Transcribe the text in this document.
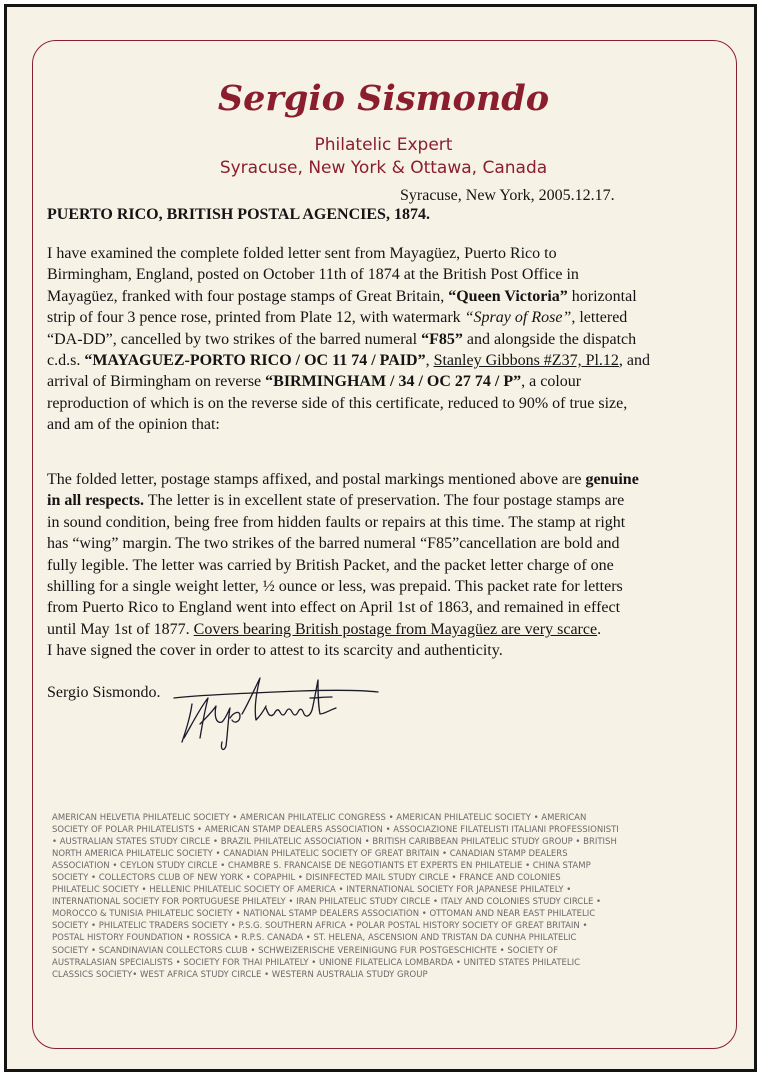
Sergio Sismondo

Philatelic Expert

Syracuse, New York & Ottawa, Canada

Syracuse, New York, 2005.12.17.
PUERTO RICO, BRITISH POSTAL AGENCIES, 1874.
I have examined the complete folded letter sent from Mayagüez, Puerto Rico to
Birmingham, England, posted on October 11th of 1874 at the British Post Office in
Mayagüez, franked with four postage stamps of Great Britain, “Queen Victoria” horizontal
strip of four 3 pence rose, printed from Plate 12, with watermark “Spray of Rose”, lettered
“DA-DD”, cancelled by two strikes of the barred numeral “F85” and alongside the dispatch
c.d.s. “MAYAGUEZ-PORTO RICO / OC 11 74 / PAID”, Stanley Gibbons #Z37, Pl.12, and
arrival of Birmingham on reverse “BIRMINGHAM / 34 / OC 27 74 / P”, a colour
reproduction of which is on the reverse side of this certificate, reduced to 90% of true size,
and am of the opinion that:
The folded letter, postage stamps affixed, and postal markings mentioned above are genuine
in all respects. The letter is in excellent state of preservation. The four postage stamps are
in sound condition, being free from hidden faults or repairs at this time. The stamp at right
has “wing” margin. The two strikes of the barred numeral “F85”cancellation are bold and
fully legible. The letter was carried by British Packet, and the packet letter charge of one
shilling for a single weight letter, ½ ounce or less, was prepaid. This packet rate for letters
from Puerto Rico to England went into effect on April 1st of 1863, and remained in effect
until May 1st of 1877. Covers bearing British postage from Mayagüez are very scarce.
I have signed the cover in order to attest to its scarcity and authenticity.
Sergio Sismondo.
AMERICAN HELVETIA PHILATELIC SOCIETY • AMERICAN PHILATELIC CONGRESS • AMERICAN PHILATELIC SOCIETY • AMERICAN
SOCIETY OF POLAR PHILATELISTS • AMERICAN STAMP DEALERS ASSOCIATION • ASSOCIAZIONE FILATELISTI ITALIANI PROFESSIONISTI
• AUSTRALIAN STATES STUDY CIRCLE • BRAZIL PHILATELIC ASSOCIATION • BRITISH CARIBBEAN PHILATELIC STUDY GROUP • BRITISH
NORTH AMERICA PHILATELIC SOCIETY • CANADIAN PHILATELIC SOCIETY OF GREAT BRITAIN • CANADIAN STAMP DEALERS
ASSOCIATION • CEYLON STUDY CIRCLE • CHAMBRE S. FRANCAISE DE NEGOTIANTS ET EXPERTS EN PHILATELIE • CHINA STAMP
SOCIETY • COLLECTORS CLUB OF NEW YORK • COPAPHIL • DISINFECTED MAIL STUDY CIRCLE • FRANCE AND COLONIES
PHILATELIC SOCIETY • HELLENIC PHILATELIC SOCIETY OF AMERICA • INTERNATIONAL SOCIETY FOR JAPANESE PHILATELY •
INTERNATIONAL SOCIETY FOR PORTUGUESE PHILATELY • IRAN PHILATELIC STUDY CIRCLE • ITALY AND COLONIES STUDY CIRCLE •
MOROCCO & TUNISIA PHILATELIC SOCIETY • NATIONAL STAMP DEALERS ASSOCIATION • OTTOMAN AND NEAR EAST PHILATELIC
SOCIETY • PHILATELIC TRADERS SOCIETY • P.S.G. SOUTHERN AFRICA • POLAR POSTAL HISTORY SOCIETY OF GREAT BRITAIN •
POSTAL HISTORY FOUNDATION • ROSSICA • R.P.S. CANADA • ST. HELENA, ASCENSION AND TRISTAN DA CUNHA PHILATELIC
SOCIETY • SCANDINAVIAN COLLECTORS CLUB • SCHWEIZERISCHE VEREINIGUNG FUR POSTGESCHICHTE • SOCIETY OF
AUSTRALASIAN SPECIALISTS • SOCIETY FOR THAI PHILATELY • UNIONE FILATELICA LOMBARDA • UNITED STATES PHILATELIC
CLASSICS SOCIETY• WEST AFRICA STUDY CIRCLE • WESTERN AUSTRALIA STUDY GROUP
